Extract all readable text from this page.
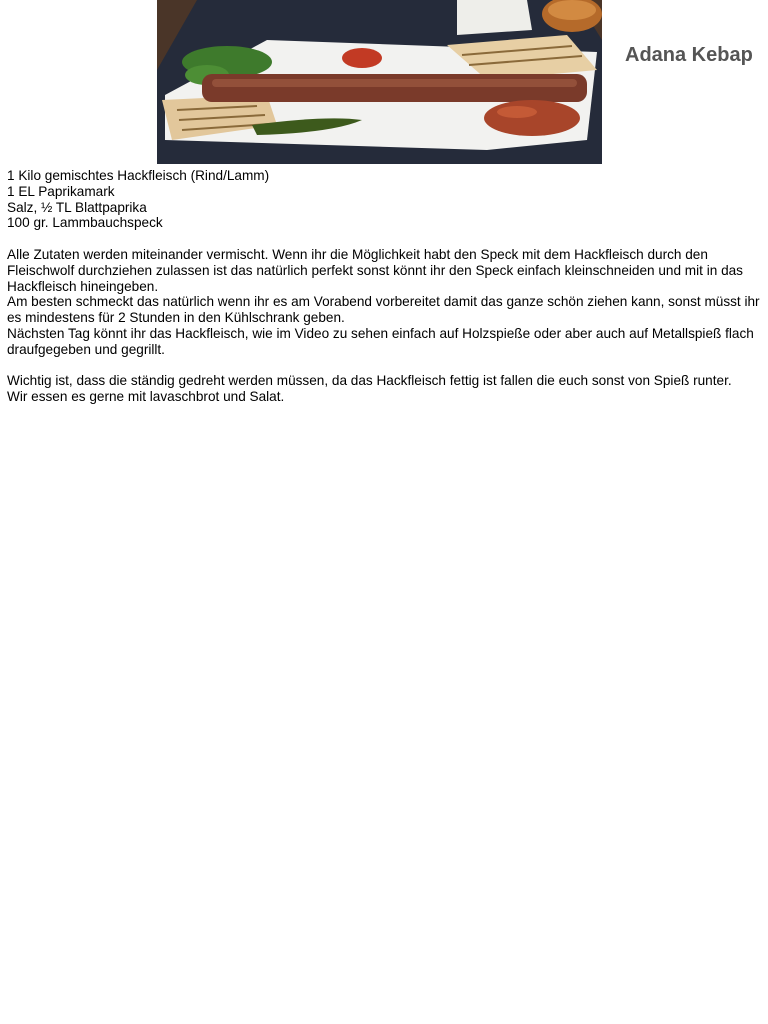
Adana Kebap
1 Kilo gemischtes Hackfleisch (Rind/Lamm)
1 EL Paprikamark
Salz, ½ TL Blattpaprika
100 gr. Lammbauchspeck
Alle Zutaten werden miteinander vermischt. Wenn ihr die Möglichkeit habt den Speck mit dem Hackfleisch durch den Fleischwolf durchziehen zulassen ist das natürlich perfekt sonst könnt ihr den Speck einfach kleinschneiden und mit in das Hackfleisch hineingeben.
Am besten schmeckt das natürlich wenn ihr es am Vorabend vorbereitet damit das ganze schön ziehen kann, sonst müsst ihr es mindestens für 2 Stunden in den Kühlschrank geben.
Nächsten Tag könnt ihr das Hackfleisch, wie im Video zu sehen einfach auf Holzspieße oder aber auch auf Metallspieß flach draufgegeben und gegrillt.
Wichtig ist, dass die ständig gedreht werden müssen, da das Hackfleisch fettig ist fallen die euch sonst von Spieß runter.
Wir essen es gerne mit lavaschbrot und Salat.
